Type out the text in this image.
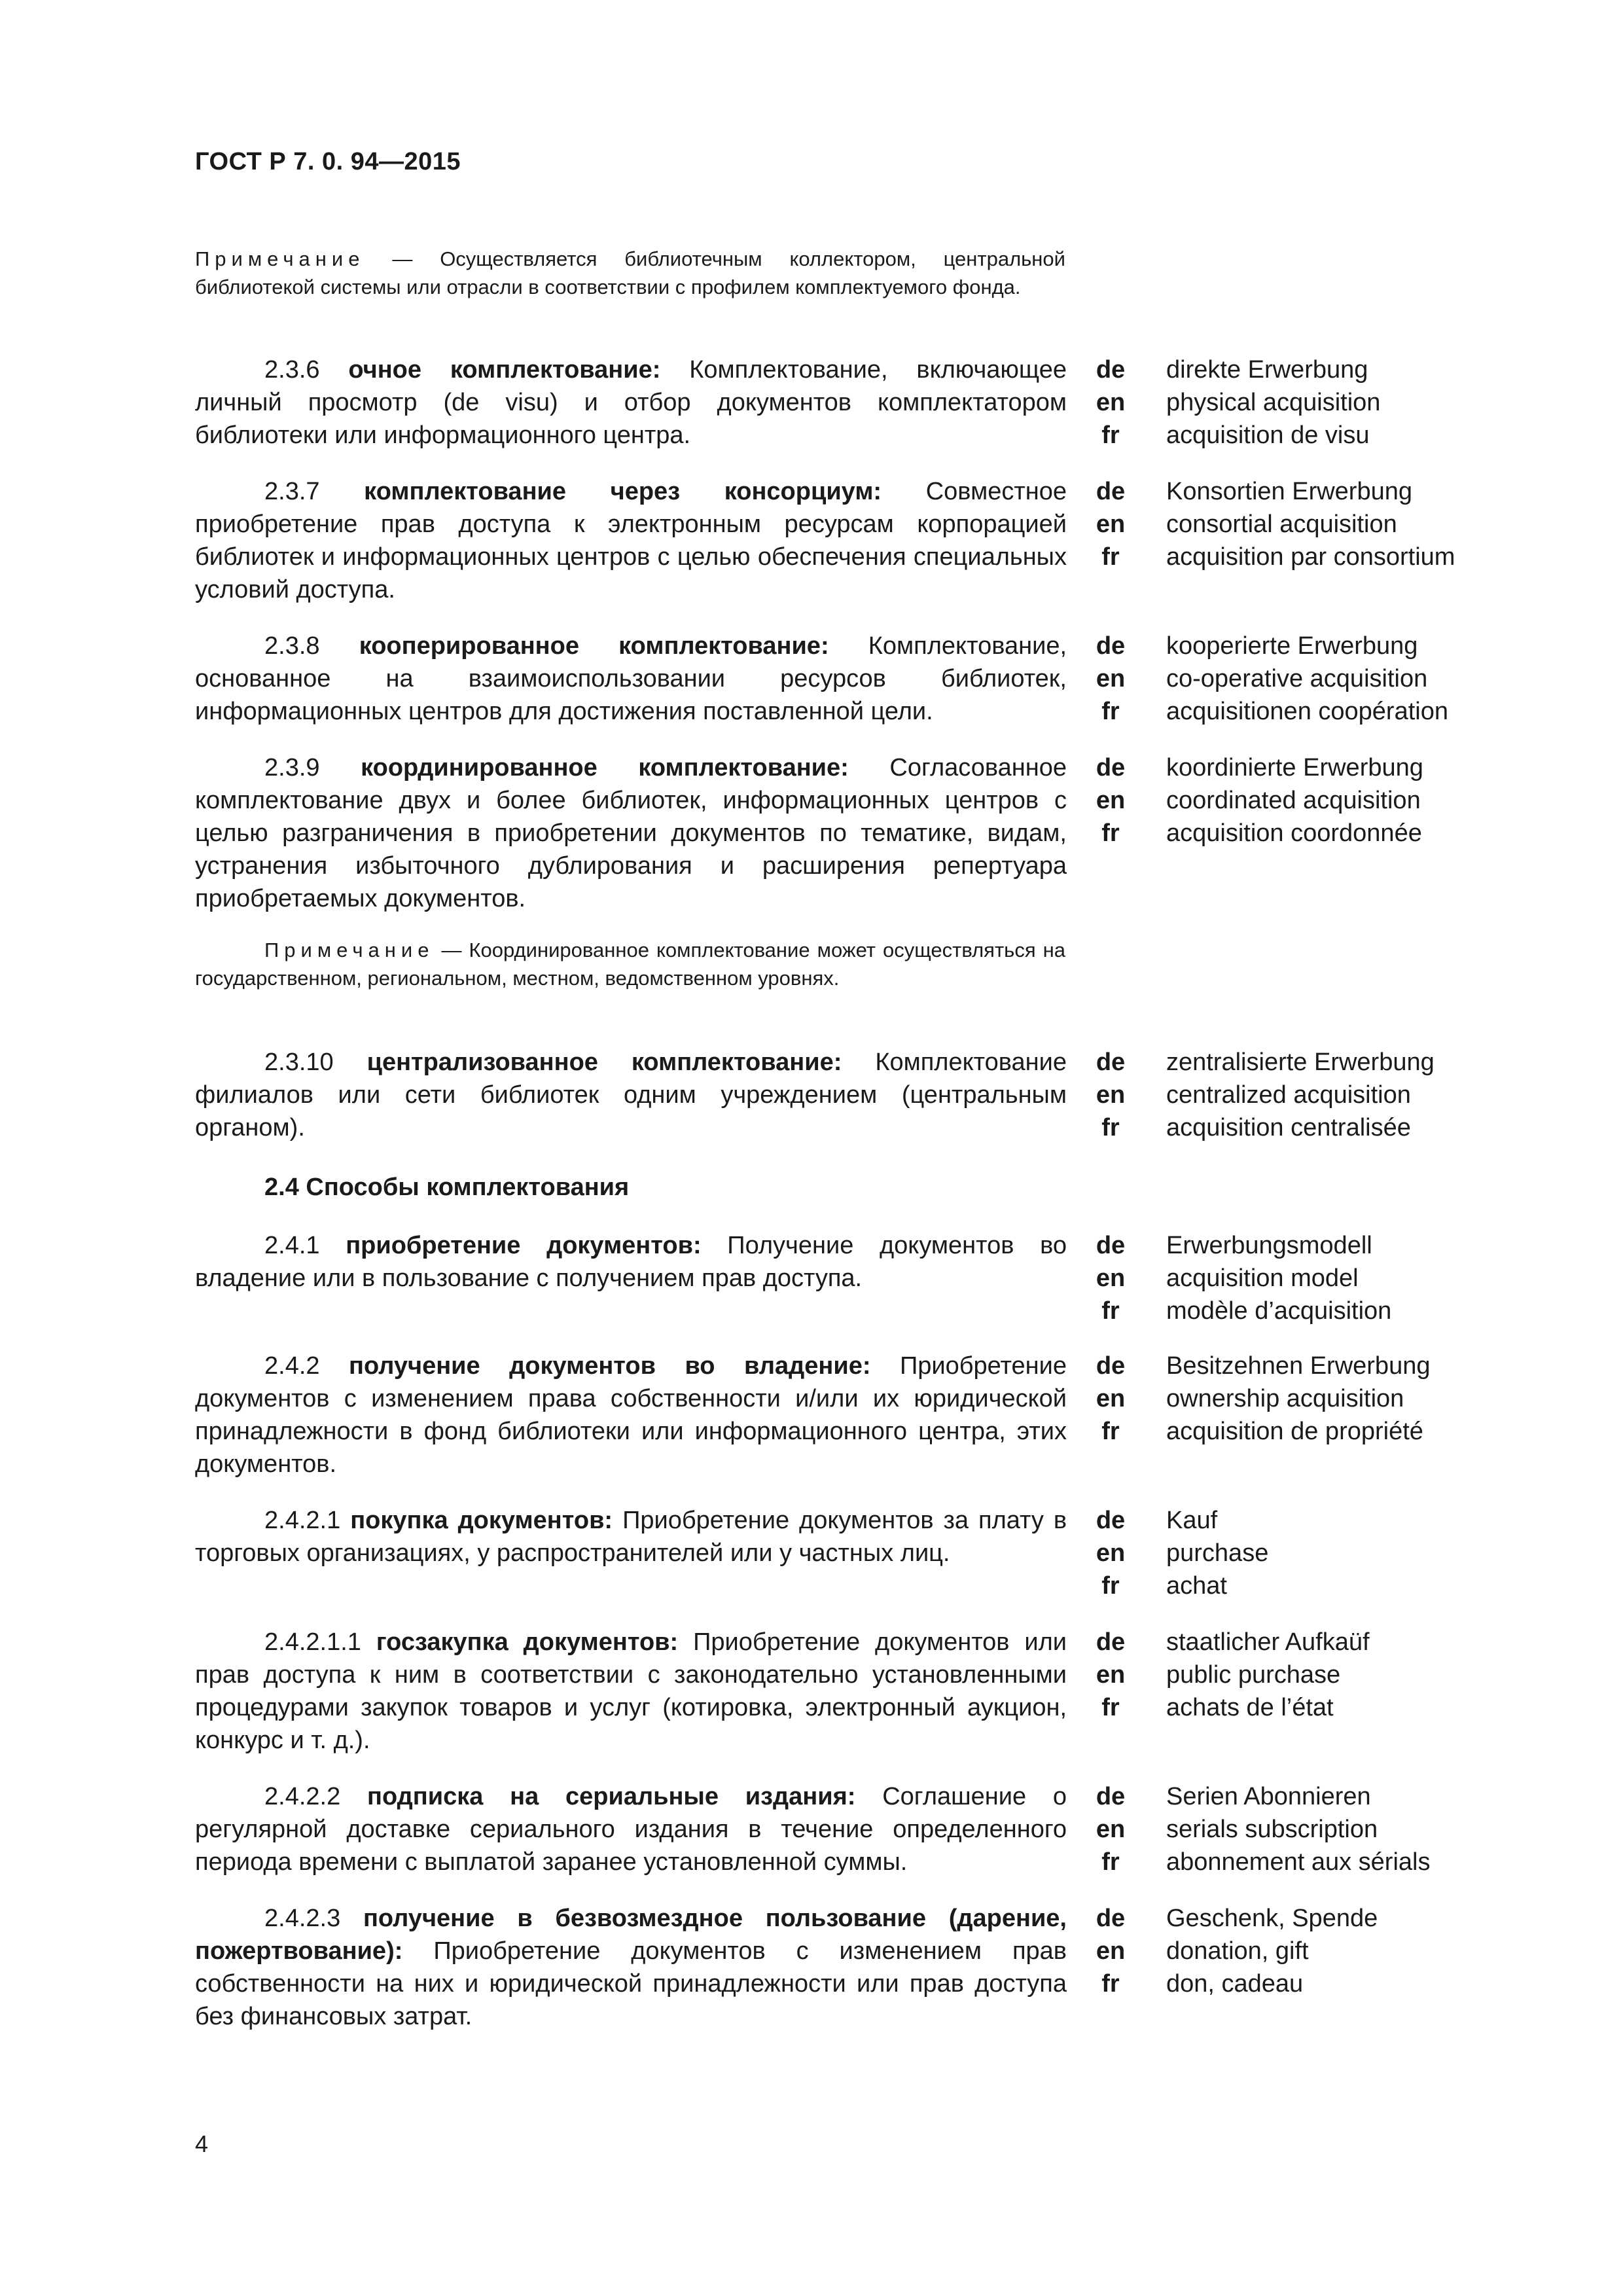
ГОСТ Р 7. 0. 94—2015
Примечание — Осуществляется библиотечным коллектором, центральной библиотекой системы или отрасли в соответствии с профилем комплектуемого фонда.
2.3.6 очное комплектование: Комплектование, включающее личный просмотр (de visu) и отбор документов комплектатором библиотеки или информационного центра.
de
en
fr
direkte Erwerbung
physical acquisition
acquisition de visu
2.3.7 комплектование через консорциум: Совместное приобретение прав доступа к электронным ресурсам корпорацией библиотек и информационных центров с целью обеспечения специальных условий доступа.
de
en
fr
Konsortien Erwerbung
consortial acquisition
acquisition par consortium
2.3.8 кооперированное комплектование: Комплектование, основанное на взаимоиспользовании ресурсов библиотек, информационных центров для достижения поставленной цели.
de
en
fr
kooperierte Erwerbung
co-operative acquisition
acquisitionen coopération
2.3.9 координированное комплектование: Согласованное комплектование двух и более библиотек, информационных центров с целью разграничения в приобретении документов по тематике, видам, устранения избыточного дублирования и расширения репертуара приобретаемых документов.
de
en
fr
koordinierte Erwerbung
coordinated acquisition
acquisition coordonnée
Примечание — Координированное комплектование может осуществляться на государственном, региональном, местном, ведомственном уровнях.
2.3.10 централизованное комплектование: Комплектование филиалов или сети библиотек одним учреждением (центральным органом).
de
en
fr
zentralisierte Erwerbung
centralized acquisition
acquisition centralisée
2.4 Способы комплектования
2.4.1 приобретение документов: Получение документов во владение или в пользование с получением прав доступа.
de
en
fr
Erwerbungsmodell
acquisition model
modèle d’acquisition
2.4.2 получение документов во владение: Приобретение документов с изменением права собственности и/или их юридической принадлежности в фонд библиотеки или информационного центра, этих документов.
de
en
fr
Besitzehnen Erwerbung
ownership acquisition
acquisition de propriété
2.4.2.1 покупка документов: Приобретение документов за плату в торговых организациях, у распространителей или у частных лиц.
de
en
fr
Kauf
purchase
achat
2.4.2.1.1 госзакупка документов: Приобретение документов или прав доступа к ним в соответствии с законодательно установленными процедурами закупок товаров и услуг (котировка, электронный аукцион, конкурс и т. д.).
de
en
fr
staatlicher Aufkaüf
public purchase
achats de l’état
2.4.2.2 подписка на сериальные издания: Соглашение о регулярной доставке сериального издания в течение определенного периода времени с выплатой заранее установленной суммы.
de
en
fr
Serien Abonnieren
serials subscription
abonnement aux sérials
2.4.2.3 получение в безвозмездное пользование (дарение, пожертвование): Приобретение документов с изменением прав собственности на них и юридической принадлежности или прав доступа без финансовых затрат.
de
en
fr
Geschenk, Spende
donation, gift
don, cadeau
4
